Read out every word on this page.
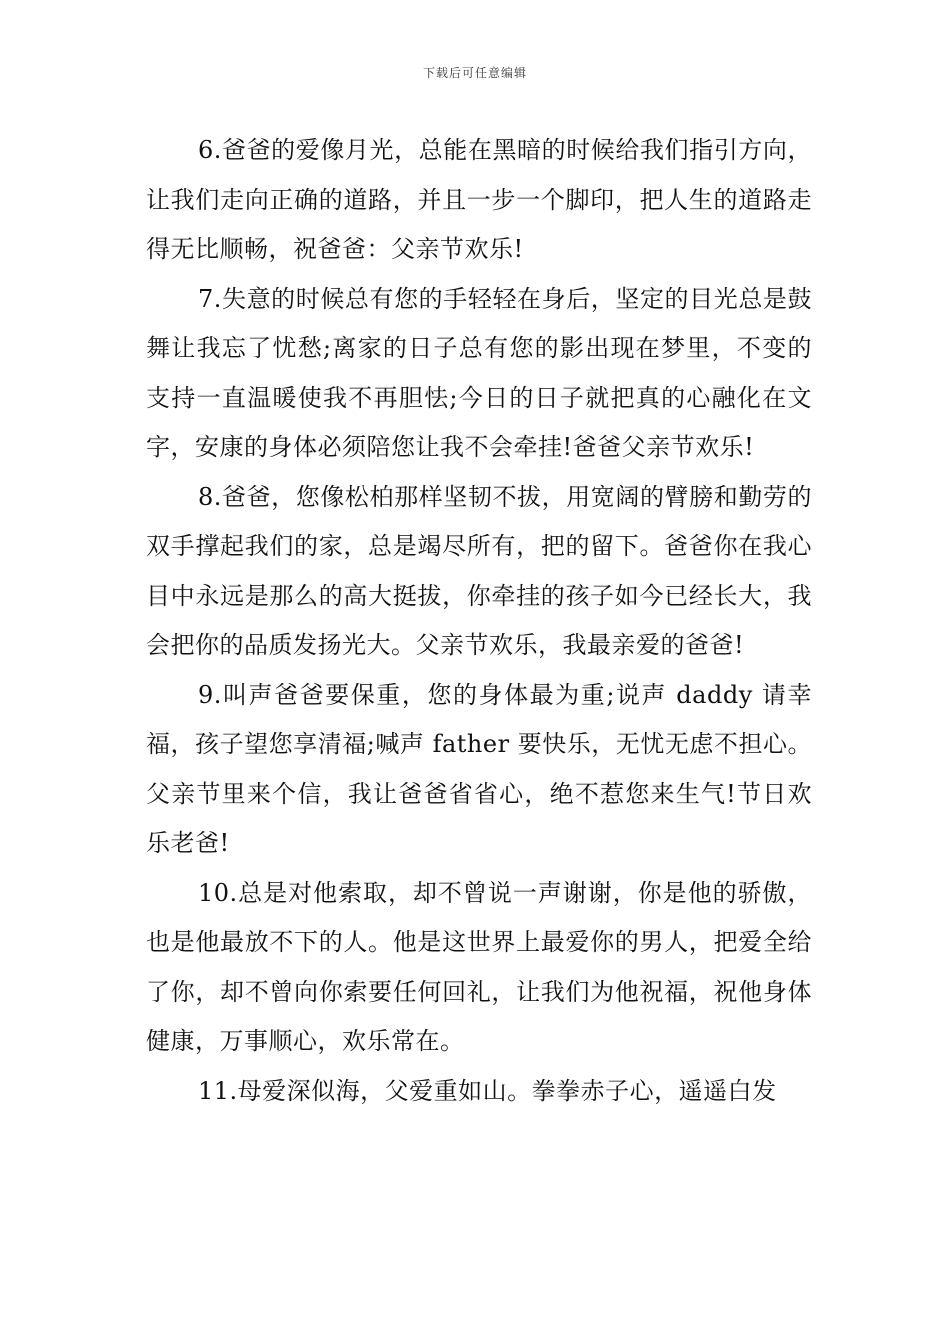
下载后可任意编辑

6.爸爸的爱像月光，总能在黑暗的时候给我们指引方向，让我们走向正确的道路，并且一步一个脚印，把人生的道路走得无比顺畅，祝爸爸：父亲节欢乐!

7.失意的时候总有您的手轻轻在身后，坚定的目光总是鼓舞让我忘了忧愁;离家的日子总有您的影出现在梦里，不变的支持一直温暖使我不再胆怯;今日的日子就把真的心融化在文字，安康的身体必须陪您让我不会牵挂!爸爸父亲节欢乐!

8.爸爸，您像松柏那样坚韧不拔，用宽阔的臂膀和勤劳的双手撑起我们的家，总是竭尽所有，把的留下。爸爸你在我心目中永远是那么的高大挺拔，你牵挂的孩子如今已经长大，我会把你的品质发扬光大。父亲节欢乐，我最亲爱的爸爸!

9.叫声爸爸要保重，您的身体最为重;说声 daddy 请幸福，孩子望您享清福;喊声 father 要快乐，无忧无虑不担心。父亲节里来个信，我让爸爸省省心，绝不惹您来生气!节日欢乐老爸!

10.总是对他索取，却不曾说一声谢谢，你是他的骄傲，也是他最放不下的人。他是这世界上最爱你的男人，把爱全给了你，却不曾向你索要任何回礼，让我们为他祝福，祝他身体健康，万事顺心，欢乐常在。

11.母爱深似海，父爱重如山。拳拳赤子心，遥遥白发
